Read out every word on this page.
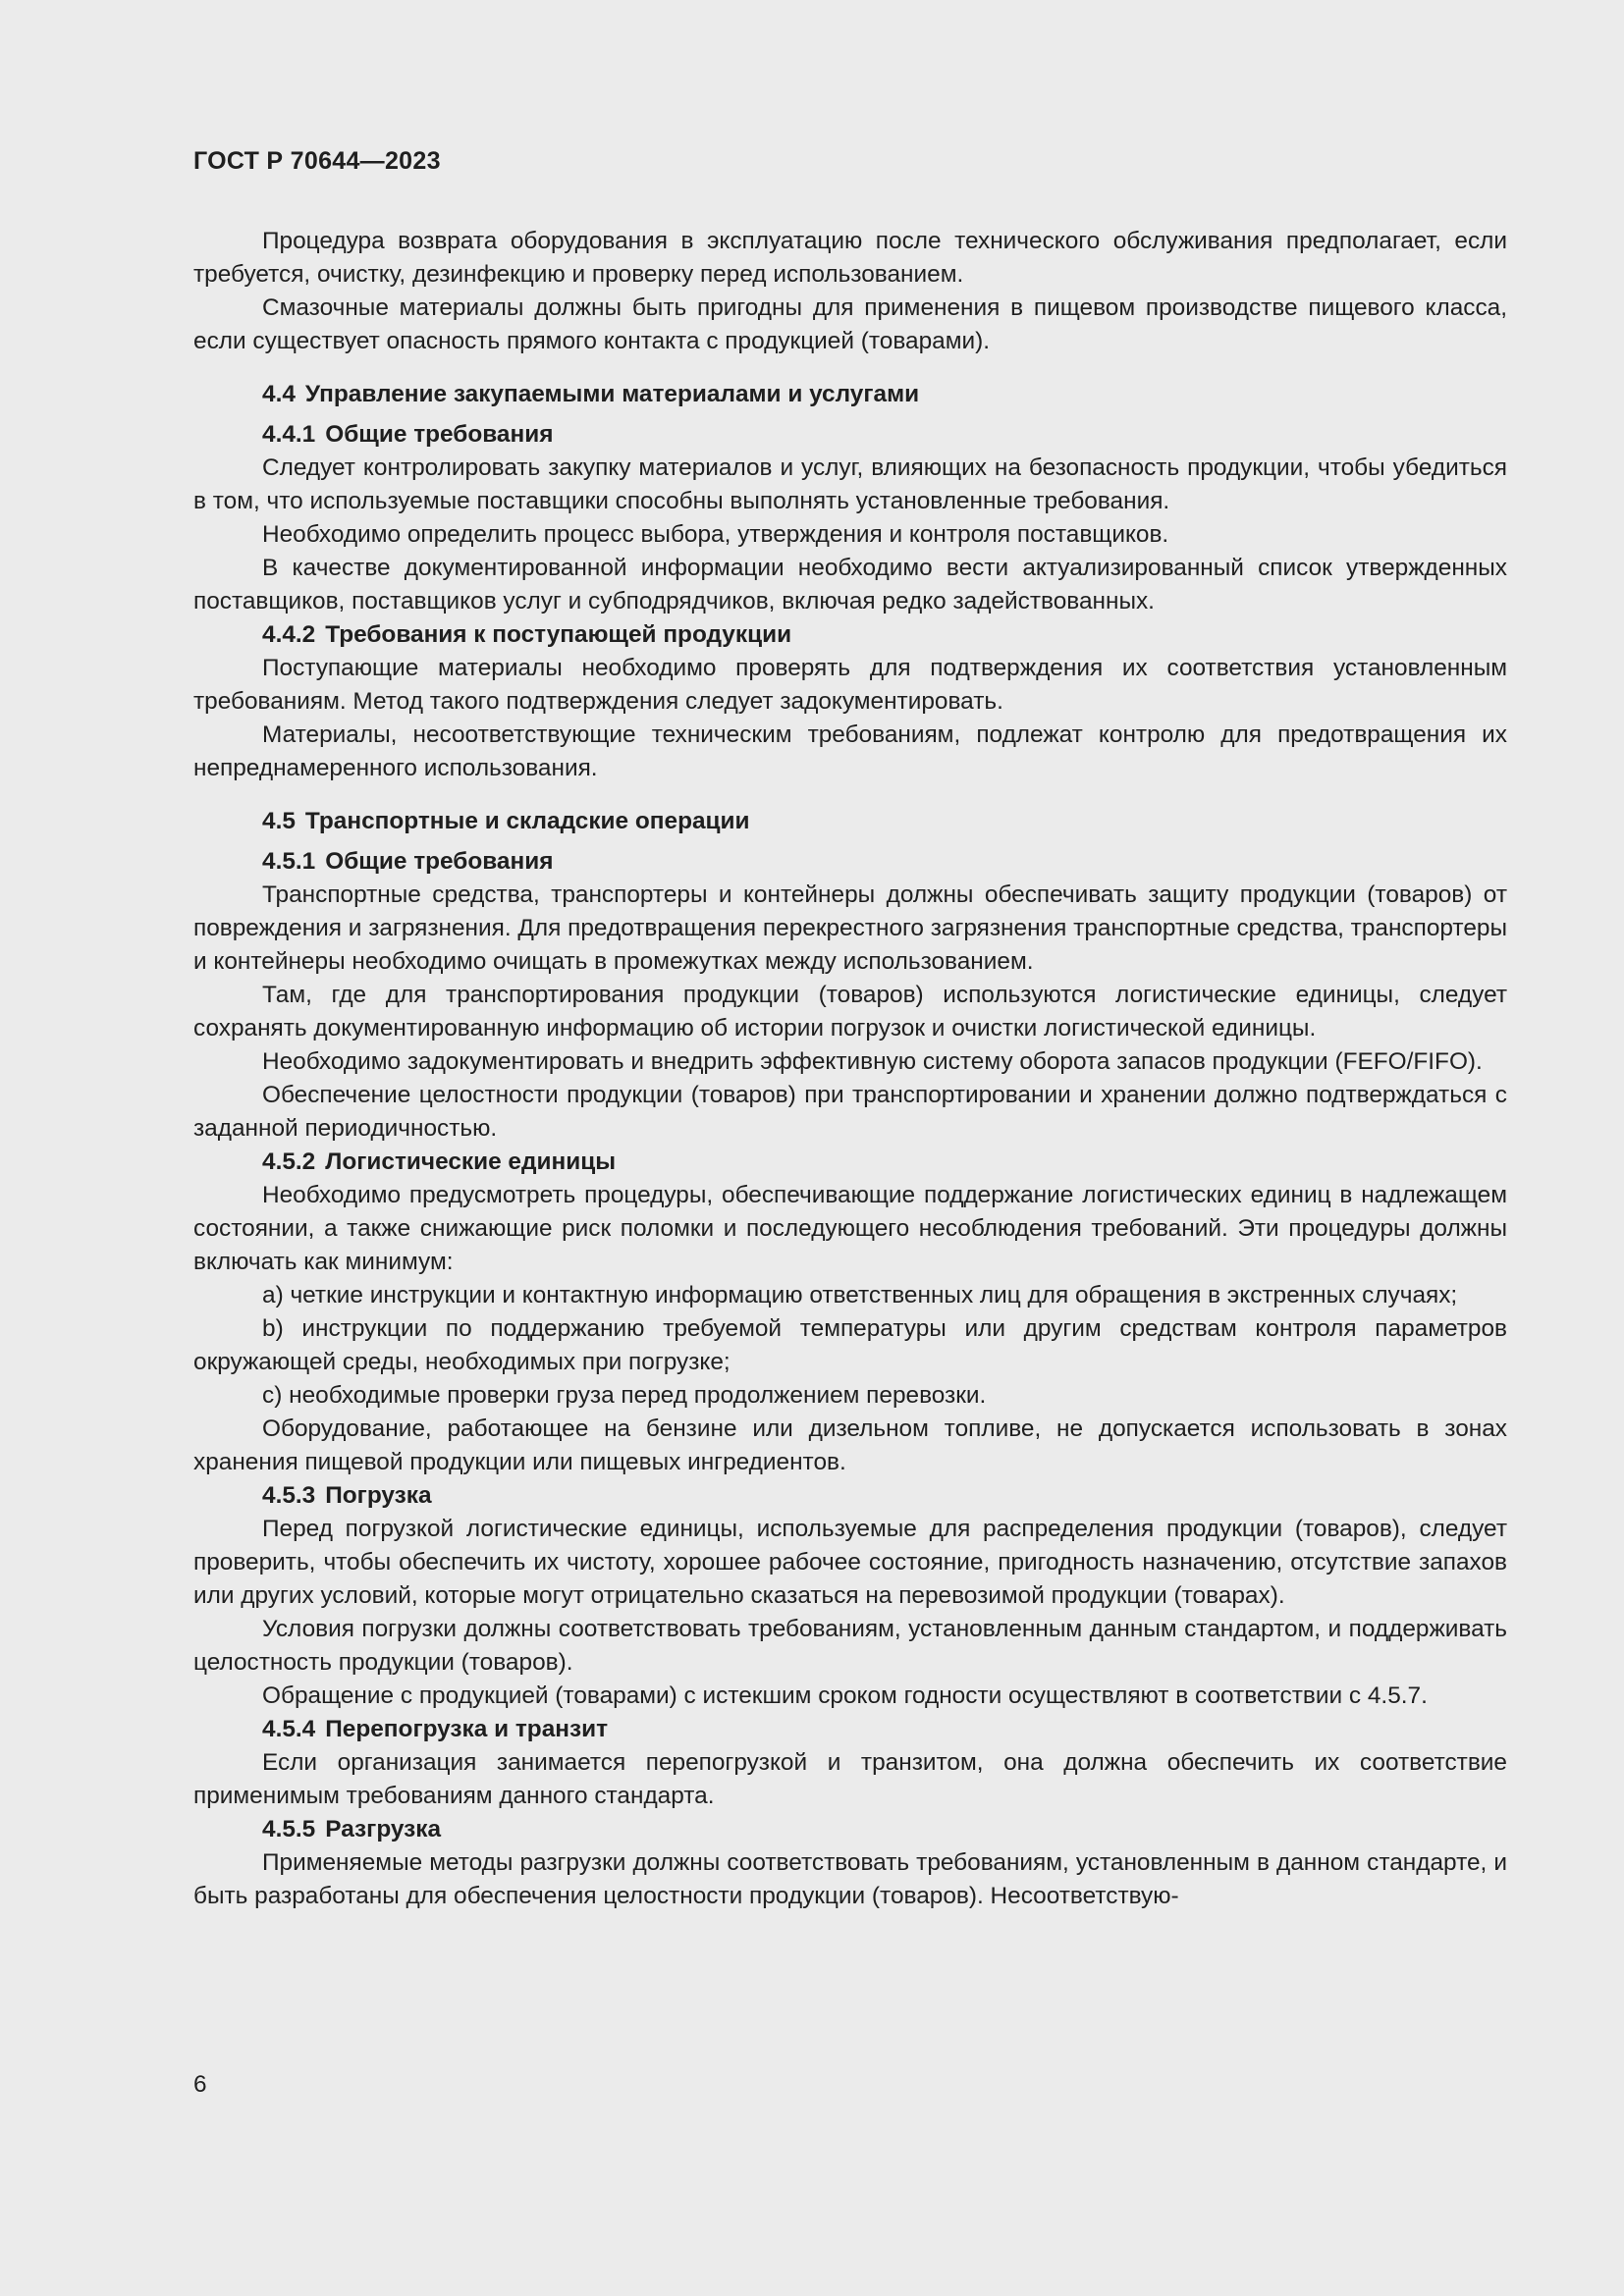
ГОСТ Р 70644—2023

Процедура возврата оборудования в эксплуатацию после технического обслуживания предполагает, если требуется, очистку, дезинфекцию и проверку перед использованием.

Смазочные материалы должны быть пригодны для применения в пищевом производстве пищевого класса, если существует опасность прямого контакта с продукцией (товарами).

4.4 Управление закупаемыми материалами и услугами
4.4.1 Общие требования

Следует контролировать закупку материалов и услуг, влияющих на безопасность продукции, чтобы убедиться в том, что используемые поставщики способны выполнять установленные требования.

Необходимо определить процесс выбора, утверждения и контроля поставщиков.

В качестве документированной информации необходимо вести актуализированный список утвержденных поставщиков, поставщиков услуг и субподрядчиков, включая редко задействованных.

4.4.2 Требования к поступающей продукции

Поступающие материалы необходимо проверять для подтверждения их соответствия установленным требованиям. Метод такого подтверждения следует задокументировать.

Материалы, несоответствующие техническим требованиям, подлежат контролю для предотвращения их непреднамеренного использования.

4.5 Транспортные и складские операции
4.5.1 Общие требования

Транспортные средства, транспортеры и контейнеры должны обеспечивать защиту продукции (товаров) от повреждения и загрязнения. Для предотвращения перекрестного загрязнения транспортные средства, транспортеры и контейнеры необходимо очищать в промежутках между использованием.

Там, где для транспортирования продукции (товаров) используются логистические единицы, следует сохранять документированную информацию об истории погрузок и очистки логистической единицы.

Необходимо задокументировать и внедрить эффективную систему оборота запасов продукции (FEFO/FIFO).

Обеспечение целостности продукции (товаров) при транспортировании и хранении должно подтверждаться с заданной периодичностью.

4.5.2 Логистические единицы

Необходимо предусмотреть процедуры, обеспечивающие поддержание логистических единиц в надлежащем состоянии, а также снижающие риск поломки и последующего несоблюдения требований. Эти процедуры должны включать как минимум:

a) четкие инструкции и контактную информацию ответственных лиц для обращения в экстренных случаях;

b) инструкции по поддержанию требуемой температуры или другим средствам контроля параметров окружающей среды, необходимых при погрузке;

c) необходимые проверки груза перед продолжением перевозки.

Оборудование, работающее на бензине или дизельном топливе, не допускается использовать в зонах хранения пищевой продукции или пищевых ингредиентов.

4.5.3 Погрузка

Перед погрузкой логистические единицы, используемые для распределения продукции (товаров), следует проверить, чтобы обеспечить их чистоту, хорошее рабочее состояние, пригодность назначению, отсутствие запахов или других условий, которые могут отрицательно сказаться на перевозимой продукции (товарах).

Условия погрузки должны соответствовать требованиям, установленным данным стандартом, и поддерживать целостность продукции (товаров).

Обращение с продукцией (товарами) с истекшим сроком годности осуществляют в соответствии с 4.5.7.

4.5.4 Перепогрузка и транзит

Если организация занимается перепогрузкой и транзитом, она должна обеспечить их соответствие применимым требованиям данного стандарта.

4.5.5 Разгрузка

Применяемые методы разгрузки должны соответствовать требованиям, установленным в данном стандарте, и быть разработаны для обеспечения целостности продукции (товаров). Несоответствую-

6
